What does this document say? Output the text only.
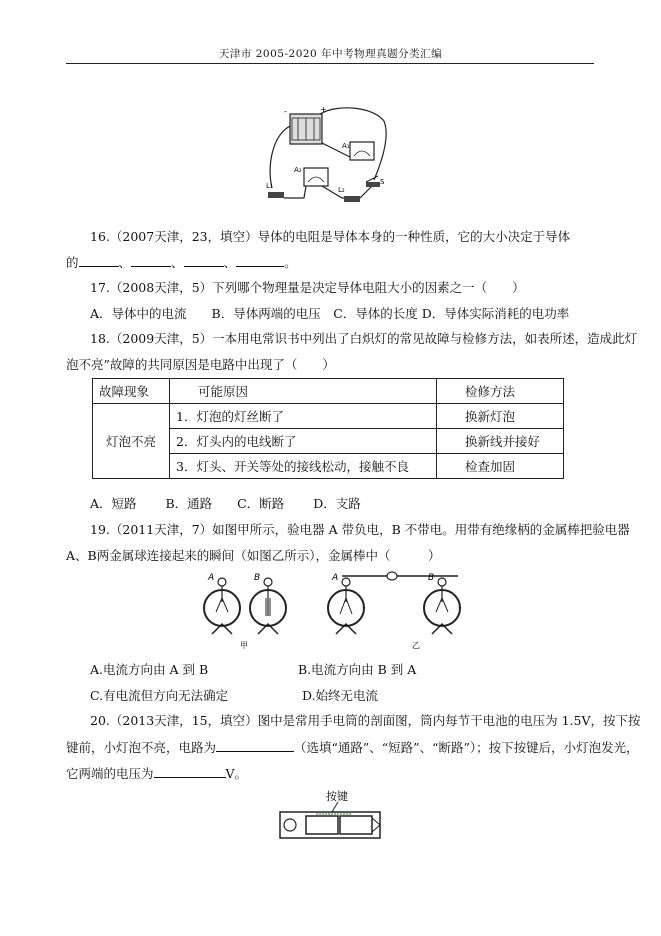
天津市 2005-2020 年中考物理真题分类汇编
-	+
A₁
A₂
L₁	L₂
S
16.（2007天津，23，填空）导体的电阻是导体本身的一种性质，它的大小决定于导体
的	、	、	、	。
17.（2008天津，5）下列哪个物理量是决定导体电阻大小的因素之一（　　）
A．导体中的电流　　B．导体两端的电压　C．导体的长度 D．导体实际消耗的电功率
18.（2009天津，5）一本用电常识书中列出了白炽灯的常见故障与检修方法，如表所述，造成此灯
泡不亮”故障的共同原因是电路中出现了（　　）
故障现象	可能原因	检修方法
灯泡不亮	1．灯泡的灯丝断了	换新灯泡
	2．灯头内的电线断了	换新线并接好
	3．灯头、开关等处的接线松动，接触不良	检查加固
A．短路　　 B．通路　　C．断路　　 D．支路
19.（2011天津，7）如图甲所示，验电器 A 带负电，B 不带电。用带有绝缘柄的金属棒把验电器
A、B两金属球连接起来的瞬间（如图乙所示），金属棒中（　　　）
A	B
甲
A	B
乙
A.电流方向由 A 到 B	B.电流方向由 B 到 A
C.有电流但方向无法确定	D.始终无电流
20.（2013天津，15，填空）图中是常用手电筒的剖面图，筒内每节干电池的电压为 1.5V，按下按
键前，小灯泡不亮，电路为	（选填“通路”、“短路”、“断路”）；按下按键后，小灯泡发光，
它两端的电压为	V。
按键
